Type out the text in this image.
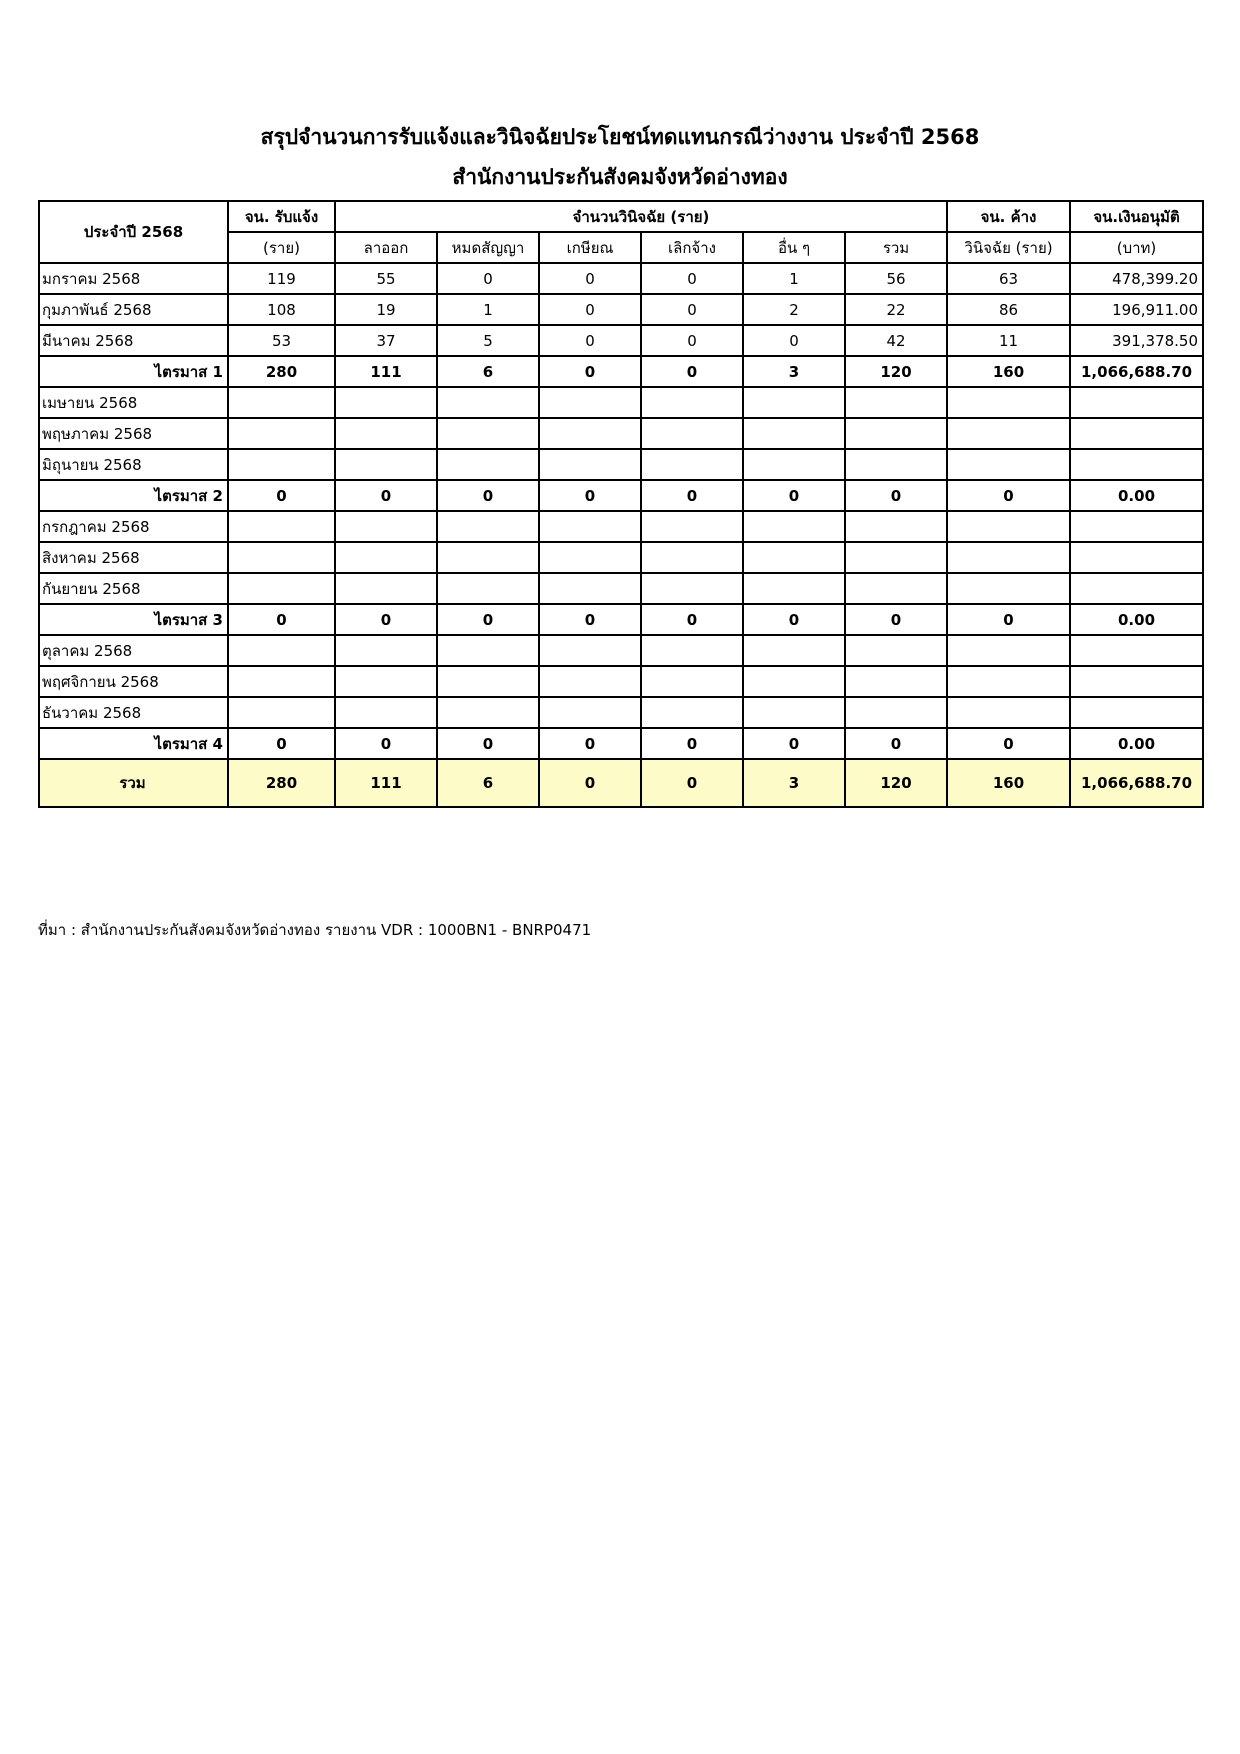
สรุปจำนวนการรับแจ้งและวินิจฉัยประโยชน์ทดแทนกรณีว่างงาน ประจำปี 2568
สำนักงานประกันสังคมจังหวัดอ่างทอง
ประจำปี 2568	จน. รับแจ้ง	จำนวนวินิจฉัย (ราย)						จน. ค้าง	จน.เงินอนุมัติ
	(ราย)	ลาออก	หมดสัญญา	เกษียณ	เลิกจ้าง	อื่น ๆ	รวม	วินิจฉัย (ราย)	(บาท)
มกราคม 2568	119	55	0	0	0	1	56	63	478,399.20
กุมภาพันธ์ 2568	108	19	1	0	0	2	22	86	196,911.00
มีนาคม 2568	53	37	5	0	0	0	42	11	391,378.50
ไตรมาส 1	280	111	6	0	0	3	120	160	1,066,688.70
เมษายน 2568									
พฤษภาคม 2568									
มิถุนายน 2568									
ไตรมาส 2	0	0	0	0	0	0	0	0	0.00
กรกฎาคม 2568									
สิงหาคม 2568									
กันยายน 2568									
ไตรมาส 3	0	0	0	0	0	0	0	0	0.00
ตุลาคม 2568									
พฤศจิกายน 2568									
ธันวาคม 2568									
ไตรมาส 4	0	0	0	0	0	0	0	0	0.00
รวม	280	111	6	0	0	3	120	160	1,066,688.70
ที่มา : สำนักงานประกันสังคมจังหวัดอ่างทอง รายงาน VDR : 1000BN1 - BNRP0471
